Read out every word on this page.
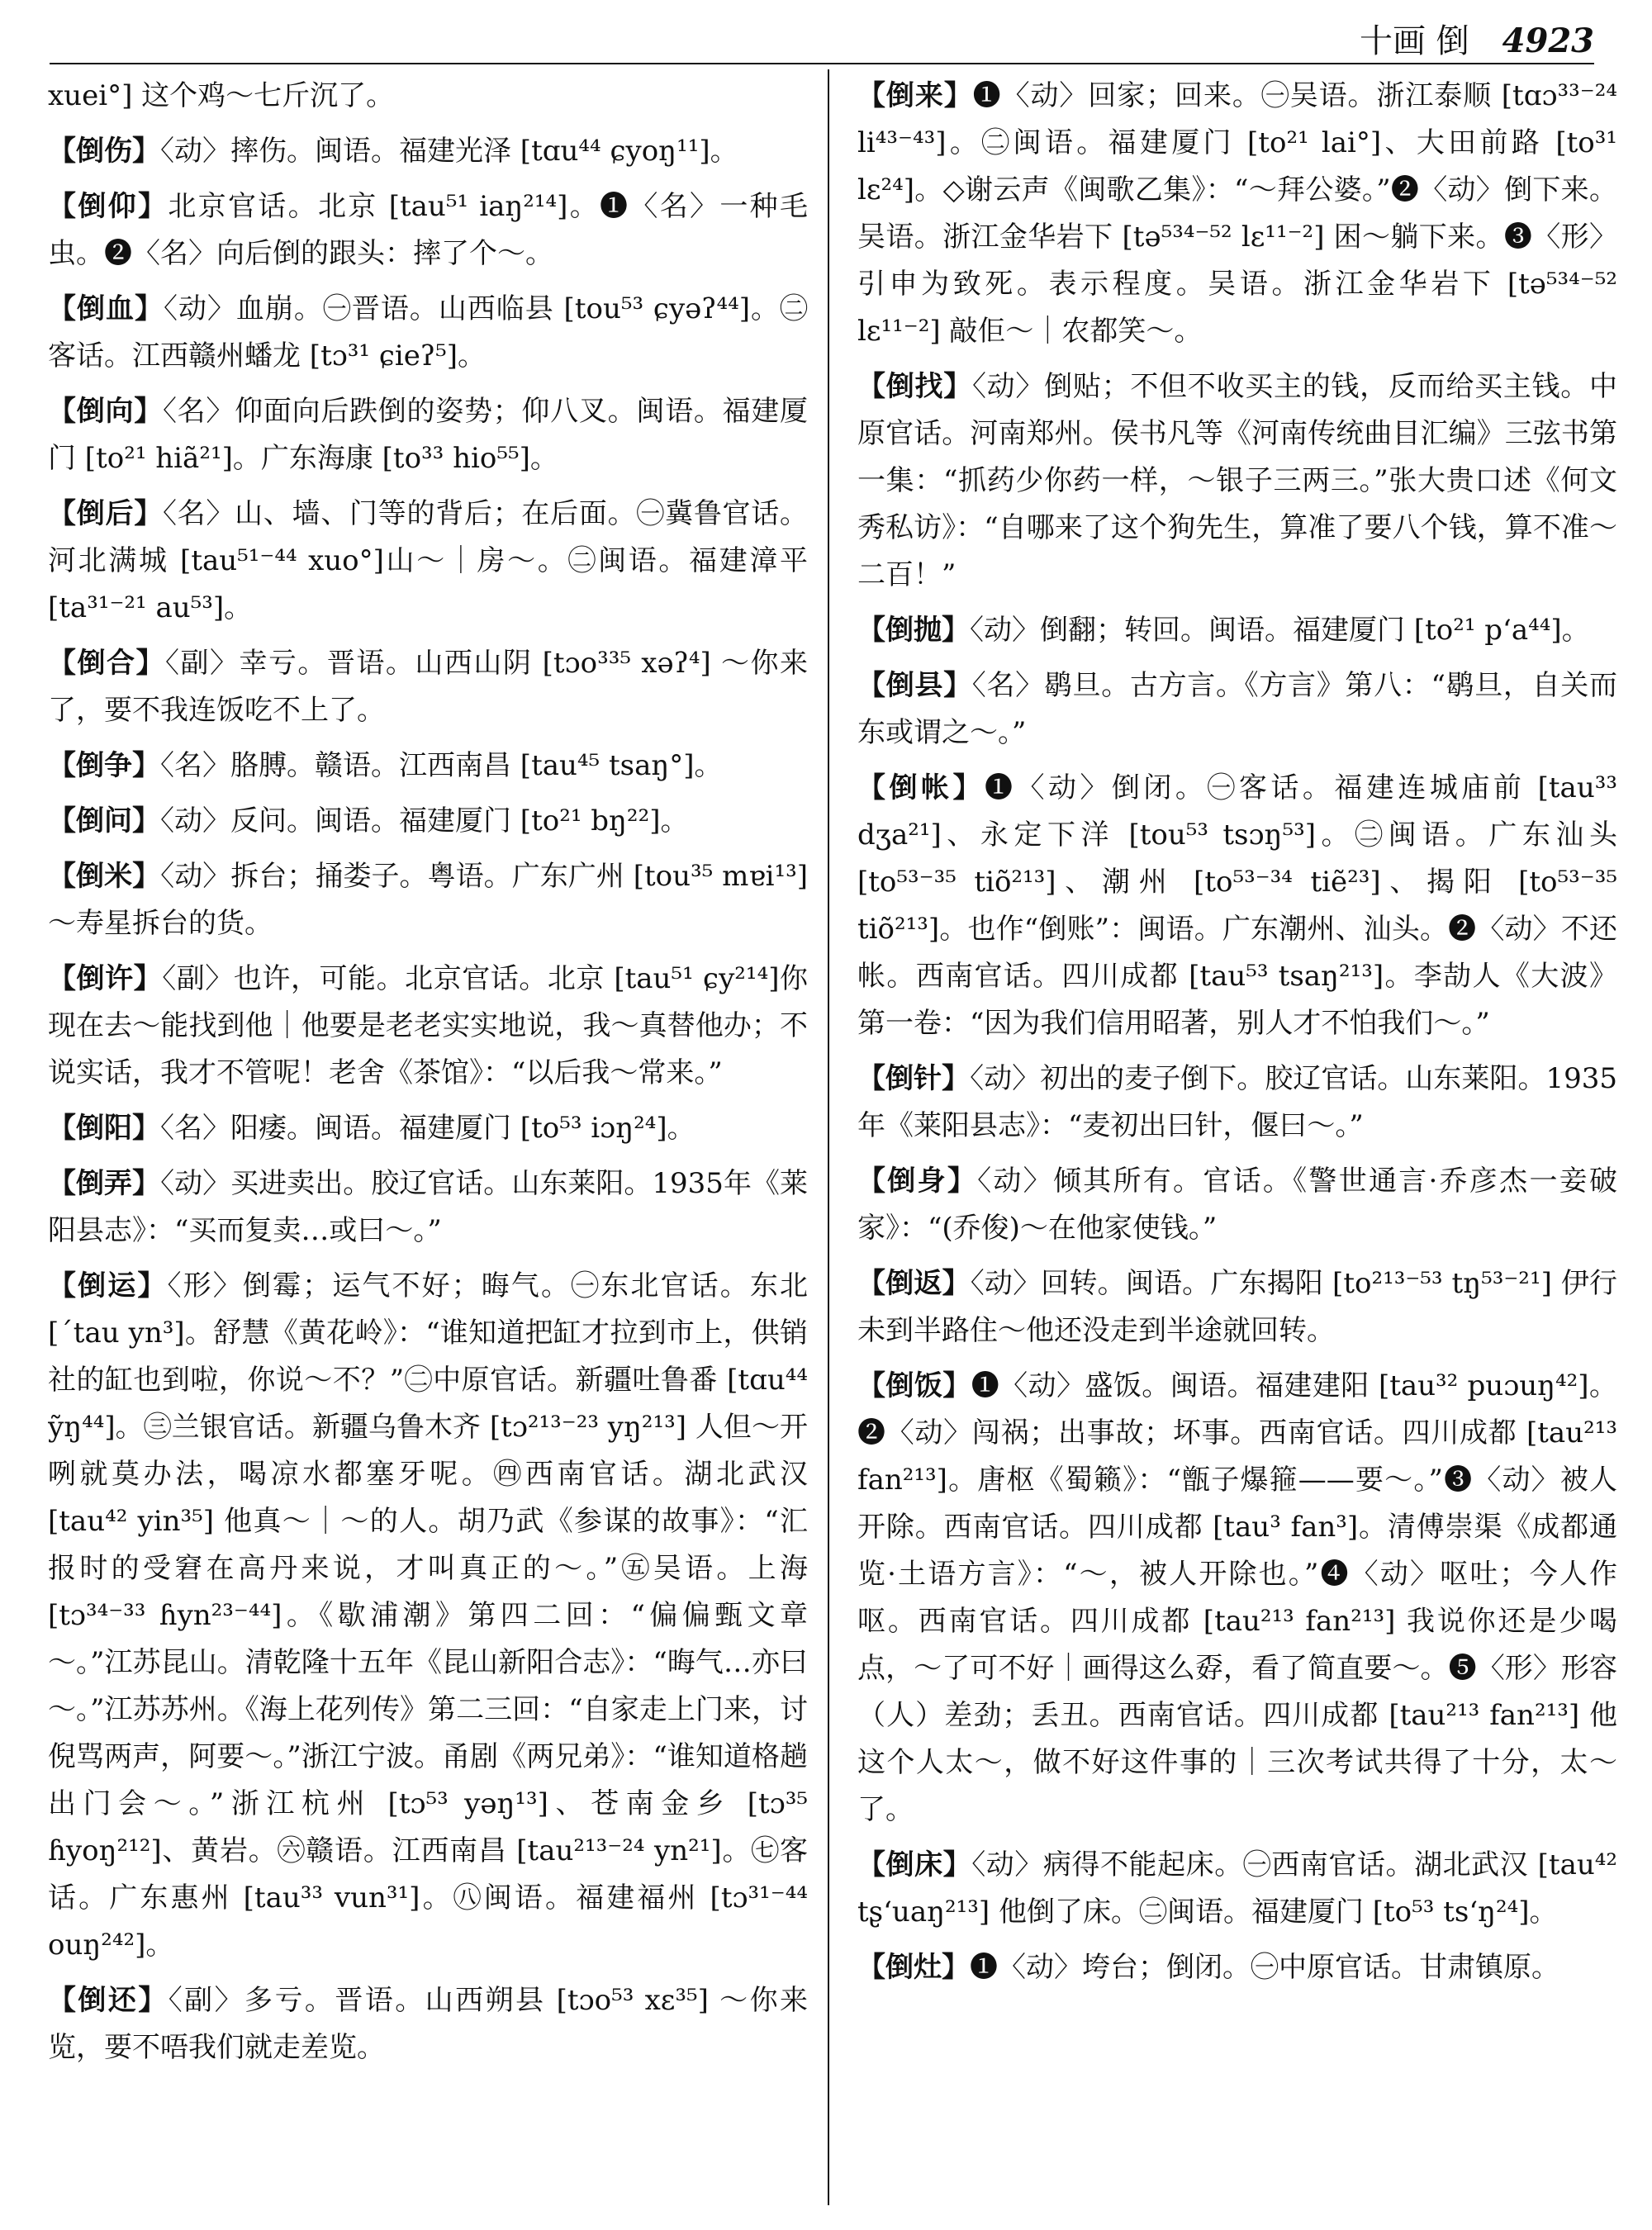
十画 倒 4923

xuei°] 这个鸡～七斤沉了。

【倒伤】〈动〉摔伤。闽语。福建光泽 [tɑu⁴⁴ ɕyoŋ¹¹]。
【倒仰】北京官话。北京 [tau⁵¹ iaŋ²¹⁴]。❶〈名〉一种毛虫。❷〈名〉向后倒的跟头：摔了个～。
【倒血】〈动〉血崩。㊀晋语。山西临县 [tou⁵³ ɕyəʔ⁴⁴]。㊁客话。江西赣州蟠龙 [tɔ³¹ ɕieʔ⁵]。
【倒向】〈名〉仰面向后跌倒的姿势；仰八叉。闽语。福建厦门 [to²¹ hiã²¹]。广东海康 [to³³ hio⁵⁵]。
【倒后】〈名〉山、墙、门等的背后；在后面。㊀冀鲁官话。河北满城 [tau⁵¹⁻⁴⁴ xuo°]山～｜房～。㊁闽语。福建漳平 [ta³¹⁻²¹ au⁵³]。
【倒合】〈副〉幸亏。晋语。山西山阴 [tɔo³³⁵ xəʔ⁴] ～你来了，要不我连饭吃不上了。
【倒争】〈名〉胳膊。赣语。江西南昌 [tau⁴⁵ tsaŋ°]。
【倒问】〈动〉反问。闽语。福建厦门 [to²¹ bŋ²²]。
【倒米】〈动〉拆台；捅娄子。粤语。广东广州 [tou³⁵ mɐi¹³] ～寿星拆台的货。
【倒许】〈副〉也许，可能。北京官话。北京 [tau⁵¹ ɕy²¹⁴]你现在去～能找到他｜他要是老老实实地说，我～真替他办；不说实话，我才不管呢！老舍《茶馆》：“以后我～常来。”
【倒阳】〈名〉阳痿。闽语。福建厦门 [to⁵³ iɔŋ²⁴]。
【倒弄】〈动〉买进卖出。胶辽官话。山东莱阳。1935年《莱阳县志》：“买而复卖…或曰～。”
【倒运】〈形〉倒霉；运气不好；晦气。㊀东北官话。东北 [ˊtau yn³]。舒慧《黄花岭》：“谁知道把缸才拉到市上，供销社的缸也到啦，你说～不？”㊁中原官话。新疆吐鲁番 [tɑu⁴⁴ ỹŋ⁴⁴]。㊂兰银官话。新疆乌鲁木齐 [tɔ²¹³⁻²³ yŋ²¹³] 人但～开咧就莫办法，喝凉水都塞牙呢。㊃西南官话。湖北武汉 [tau⁴² yin³⁵] 他真～｜～的人。胡乃武《参谋的故事》：“汇报时的受窘在高丹来说，才叫真正的～。”㊄吴语。上海 [tɔ³⁴⁻³³ ɦyn²³⁻⁴⁴]。《歇浦潮》第四二回：“偏偏甄文章～。”江苏昆山。清乾隆十五年《昆山新阳合志》：“晦气…亦曰～。”江苏苏州。《海上花列传》第二三回：“自家走上门来，讨倪骂两声，阿要～。”浙江宁波。甬剧《两兄弟》：“谁知道格趟出门会～。”浙江杭州 [tɔ⁵³ yəŋ¹³]、苍南金乡 [tɔ³⁵ ɦyoŋ²¹²]、黄岩。㊅赣语。江西南昌 [tau²¹³⁻²⁴ yn²¹]。㊆客话。广东惠州 [tau³³ vun³¹]。㊇闽语。福建福州 [tɔ³¹⁻⁴⁴ ouŋ²⁴²]。
【倒还】〈副〉多亏。晋语。山西朔县 [tɔo⁵³ xɛ³⁵] ～你来览，要不唔我们就走差览。
【倒来】❶〈动〉回家；回来。㊀吴语。浙江泰顺 [tɑɔ³³⁻²⁴ li⁴³⁻⁴³]。㊁闽语。福建厦门 [to²¹ lai°]、大田前路 [to³¹ lɛ²⁴]。◇谢云声《闽歌乙集》：“～拜公婆。”❷〈动〉倒下来。吴语。浙江金华岩下 [tə⁵³⁴⁻⁵² lɛ¹¹⁻²] 困～躺下来。❸〈形〉引申为致死。表示程度。吴语。浙江金华岩下 [tə⁵³⁴⁻⁵² lɛ¹¹⁻²] 敲佢～｜农都笑～。
【倒找】〈动〉倒贴；不但不收买主的钱，反而给买主钱。中原官话。河南郑州。侯书凡等《河南传统曲目汇编》三弦书第一集：“抓药少你药一样，～银子三两三。”张大贵口述《何文秀私访》：“自哪来了这个狗先生，算准了要八个钱，算不准～二百！”
【倒抛】〈动〉倒翻；转回。闽语。福建厦门 [to²¹ pʻa⁴⁴]。
【倒县】〈名〉鹖旦。古方言。《方言》第八：“鹖旦，自关而东或谓之～。”
【倒帐】❶〈动〉倒闭。㊀客话。福建连城庙前 [tau³³ dʒa²¹]、永定下洋 [tou⁵³ tsɔŋ⁵³]。㊁闽语。广东汕头 [to⁵³⁻³⁵ tiõ²¹³]、潮州 [to⁵³⁻³⁴ tiẽ²³]、揭阳 [to⁵³⁻³⁵ tiõ²¹³]。也作“倒账”：闽语。广东潮州、汕头。❷〈动〉不还帐。西南官话。四川成都 [tau⁵³ tsaŋ²¹³]。李劼人《大波》第一卷：“因为我们信用昭著，别人才不怕我们～。”
【倒针】〈动〉初出的麦子倒下。胶辽官话。山东莱阳。1935年《莱阳县志》：“麦初出曰针，偃曰～。”
【倒身】〈动〉倾其所有。官话。《警世通言·乔彦杰一妾破家》：“(乔俊)～在他家使钱。”
【倒返】〈动〉回转。闽语。广东揭阳 [to²¹³⁻⁵³ tŋ⁵³⁻²¹] 伊行未到半路住～他还没走到半途就回转。
【倒饭】❶〈动〉盛饭。闽语。福建建阳 [tau³² puɔuŋ⁴²]。❷〈动〉闯祸；出事故；坏事。西南官话。四川成都 [tau²¹³ fan²¹³]。唐枢《蜀籁》：“甑子爆箍——要～。”❸〈动〉被人开除。西南官话。四川成都 [tau³ fan³]。清傅崇渠《成都通览·土语方言》：“～，被人开除也。”❹〈动〉呕吐；今人作呕。西南官话。四川成都 [tau²¹³ fan²¹³] 我说你还是少喝点，～了可不好｜画得这么孬，看了简直要～。❺〈形〉形容（人）差劲；丢丑。西南官话。四川成都 [tau²¹³ fan²¹³] 他这个人太～，做不好这件事的｜三次考试共得了十分，太～了。
【倒床】〈动〉病得不能起床。㊀西南官话。湖北武汉 [tau⁴² tʂʻuaŋ²¹³] 他倒了床。㊁闽语。福建厦门 [to⁵³ tsʻŋ²⁴]。
【倒灶】❶〈动〉垮台；倒闭。㊀中原官话。甘肃镇原。
